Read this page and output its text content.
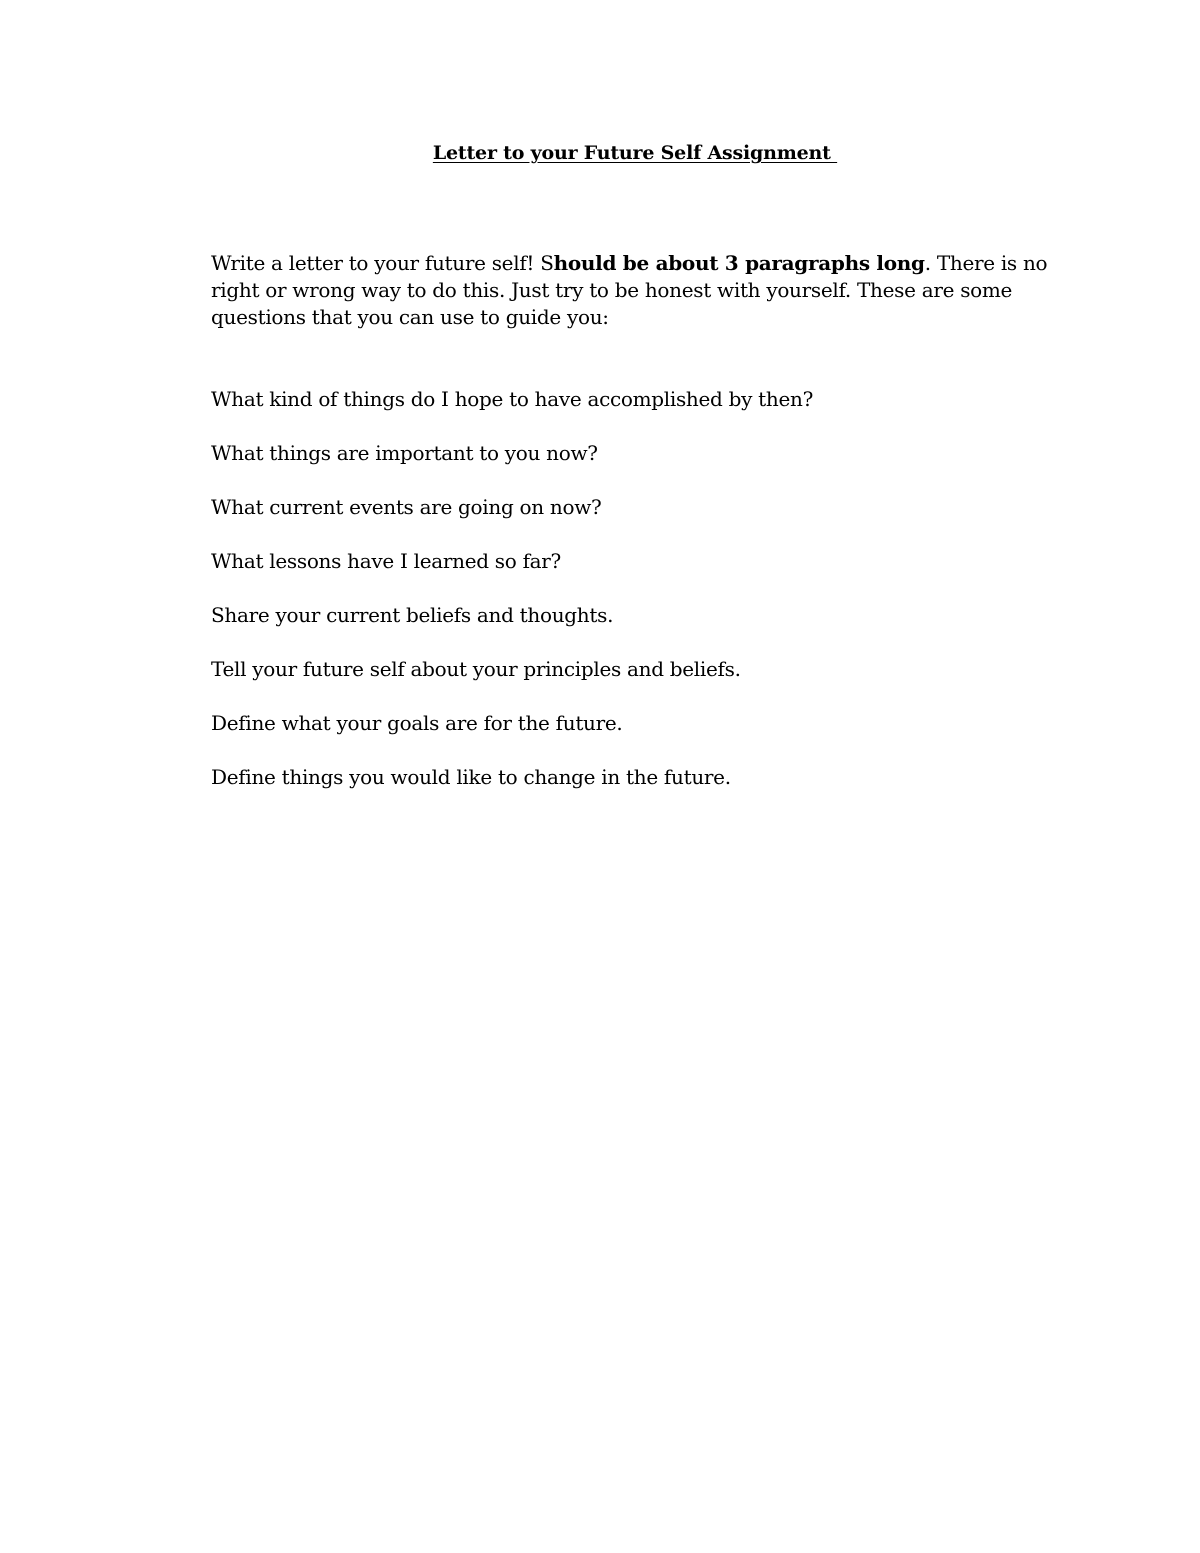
Letter to your Future Self Assignment

Write a letter to your future self! Should be about 3 paragraphs long. There is no right or wrong way to do this. Just try to be honest with yourself. These are some questions that you can use to guide you:

What kind of things do I hope to have accomplished by then?
What things are important to you now?
What current events are going on now?
What lessons have I learned so far?
Share your current beliefs and thoughts.
Tell your future self about your principles and beliefs.
Define what your goals are for the future.
Define things you would like to change in the future.
